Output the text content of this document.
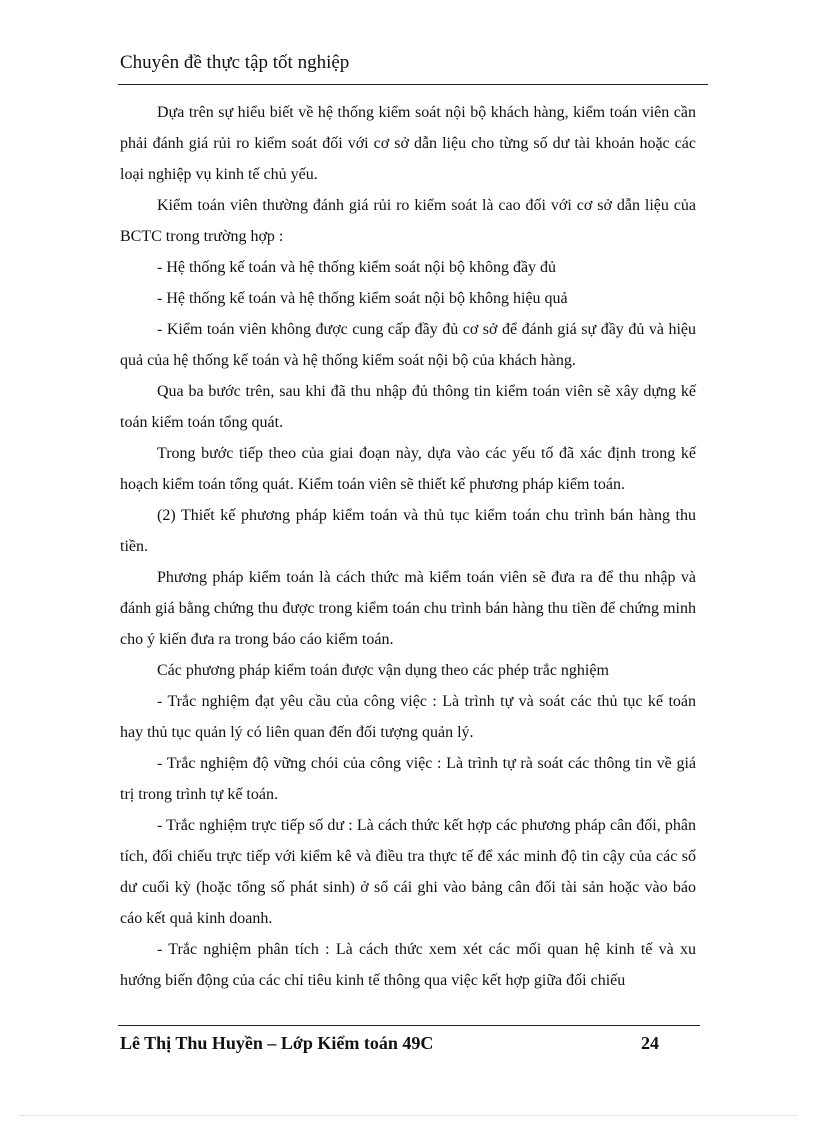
Chuyên đề thực tập tốt nghiệp

Dựa trên sự hiểu biết về hệ thống kiểm soát nội bộ khách hàng, kiểm toán viên cần phải đánh giá rủi ro kiểm soát đối với cơ sở dẫn liệu cho từng số dư tài khoản hoặc các loại nghiệp vụ kinh tế chủ yếu.

Kiểm toán viên thường đánh giá rủi ro kiểm soát là cao đối với cơ sở dẫn liệu của BCTC trong trường hợp :

- Hệ thống kế toán và hệ thống kiểm soát nội bộ không đầy đủ

- Hệ thống kế toán và hệ thống kiểm soát nội bộ không hiệu quả

- Kiểm toán viên không được cung cấp đầy đủ cơ sở để đánh giá sự đầy đủ và hiệu quả của hệ thống kế toán và hệ thống kiểm soát nội bộ của khách hàng.

Qua ba bước trên, sau khi đã thu nhập đủ thông tin kiểm toán viên sẽ xây dựng kế toán kiểm toán tổng quát.

Trong bước tiếp theo của giai đoạn này, dựa vào các yếu tố đã xác định trong kế hoạch kiểm toán tổng quát. Kiểm toán viên sẽ thiết kế phương pháp kiểm toán.

(2) Thiết kế phương pháp kiểm toán và thủ tục kiểm toán chu trình bán hàng thu tiền.

Phương pháp kiểm toán là cách thức mà kiểm toán viên sẽ đưa ra để thu nhập và đánh giá bằng chứng thu được trong kiểm toán chu trình bán hàng thu tiền để chứng minh cho ý kiến đưa ra trong báo cáo kiểm toán.

Các phương pháp kiểm toán được vận dụng theo các phép trắc nghiệm

- Trắc nghiệm đạt yêu cầu của công việc : Là trình tự và soát các thủ tục kế toán hay thủ tục quản lý có liên quan đến đối tượng quản lý.

- Trắc nghiệm độ vững chói của công việc : Là trình tự rà soát các thông tin về giá trị trong trình tự kế toán.

- Trắc nghiệm trực tiếp số dư : Là cách thức kết hợp các phương pháp cân đối, phân tích, đối chiếu trực tiếp với kiểm kê và điều tra thực tế để xác minh độ tin cậy của các số dư cuối kỳ (hoặc tổng số phát sinh) ở sổ cái ghi vào bảng cân đối tài sản hoặc vào báo cáo kết quả kinh doanh.

- Trắc nghiệm phân tích : Là cách thức xem xét các mối quan hệ kinh tế và xu hướng biến động của các chỉ tiêu kinh tế thông qua việc kết hợp giữa đối chiếu

Lê Thị Thu Huyền – Lớp Kiểm toán 49C	24
